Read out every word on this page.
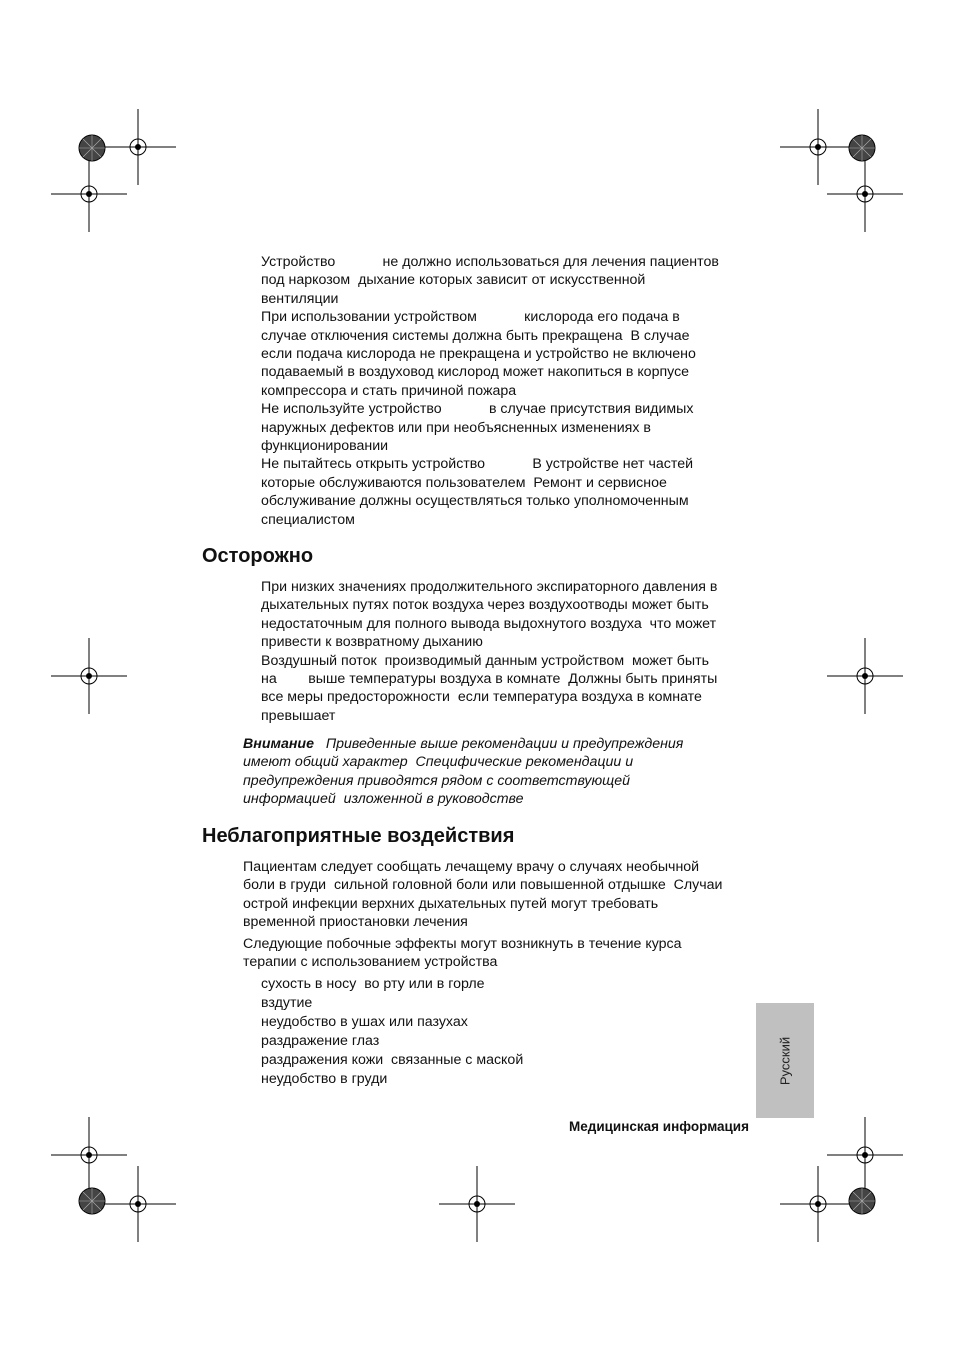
Устройство            не должно использоваться для лечения пациентов

под наркозом  дыхание которых зависит от искусственной

вентиляции

При использовании устройством            кислорода его подача в

случае отключения системы должна быть прекращена  В случае

если подача кислорода не прекращена и устройство не включено

подаваемый в воздуховод кислород может накопиться в корпусе

компрессора и стать причиной пожара

Не используйте устройство            в случае присутствия видимых

наружных дефектов или при необъясненных изменениях в

функционировании

Не пытайтесь открыть устройство            В устройстве нет частей

которые обслуживаются пользователем  Ремонт и сервисное

обслуживание должны осуществляться только уполномоченным

специалистом

Осторожно

При низких значениях продолжительного экспираторного давления в

дыхательных путях поток воздуха через воздухоотводы может быть

недостаточным для полного вывода выдохнутого воздуха  что может

привести к возвратному дыханию

Воздушный поток  производимый данным устройством  может быть

на        выше температуры воздуха в комнате  Должны быть приняты

все меры предосторожности  если температура воздуха в комнате

превышает

Внимание   Приведенные выше рекомендации и предупреждения

имеют общий характер  Специфические рекомендации и

предупреждения приводятся рядом с соответствующей

информацией  изложенной в руководстве

Неблагоприятные воздействия

Пациентам следует сообщать лечащему врачу о случаях необычной

боли в груди  сильной головной боли или повышенной отдышке  Случаи

острой инфекции верхних дыхательных путей могут требовать

временной приостановки лечения

Следующие побочные эффекты могут возникнуть в течение курса

терапии с использованием устройства

сухость в носу  во рту или в горле
вздутие
неудобство в ушах или пазухах
раздражение глаз
раздражения кожи  связанные с маской
неудобство в груди	Русский
Медицинская информация
